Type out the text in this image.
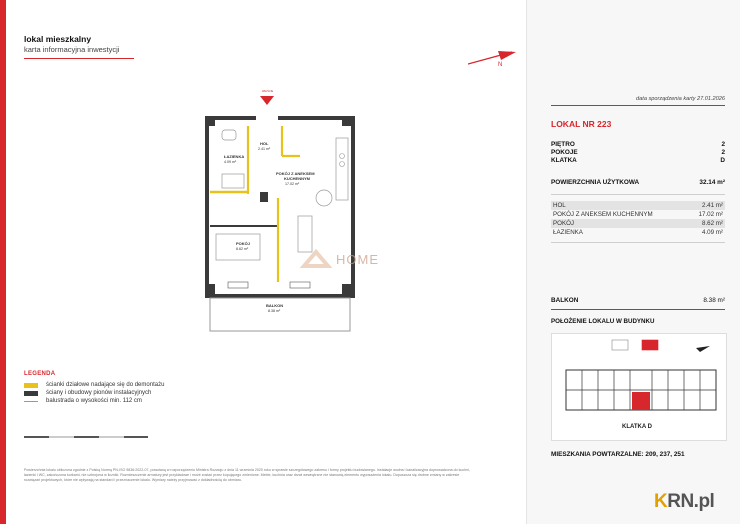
lokal mieszkalny
karta informacyjna inwestycji
N
WEJŚCIE
HOME
HOL
ŁAZIENKA
POKÓJ Z ANEKSEM
KUCHENNYM
POKÓJ
BALKON
2.41 m²
4.09 m²
17.02 m²
8.62 m²
8.38 m²
LEGENDA
ścianki działowe nadające się do demontażu
ściany i obudowy pionów instalacyjnych
balustrada o wysokości min. 112 cm
Powierzchnia lokalu obliczona zgodnie z Polską Normą PN-ISO 9836:2022-07, powołaną w rozporządzeniu Ministra Rozwoju z dnia 11 września 2020 roku w sprawie szczegółowego zakresu i formy projektu budowlanego. Instalacje wodna i kanalizacyjna doprowadzona do kuchni, łazienki i WC, zakończona korkami, nie uzbrojona w liczniki. Rozmieszczenie armatury jest przykładowe i może zostać przez kupującego zmienione. Meble, kuchnia oraz drzwi wewnętrzne nie stanowią elementu wyposażenia lokalu. Dopuszcza się drobne zmiany w zakresie rozwiązań projektowych, które nie wpływają na standard i przeznaczenie lokalu. Wymiary należy przyjmować z dokładnością do obmiaru.
data sporządzenia karty 27.01.2026
LOKAL NR 223
PIĘTRO	2
POKOJE	2
KLATKA	D
POWIERZCHNIA UŻYTKOWA	32.14 m²
HOL	2.41 m²
POKÓJ Z ANEKSEM KUCHENNYM	17.02 m²
POKÓJ	8.62 m²
ŁAZIENKA	4.09 m²
BALKON	8.38 m²
POŁOŻENIE LOKALU W BUDYNKU
KLATKA D
MIESZKANIA POWTARZALNE: 209, 237, 251
KRN.pl
